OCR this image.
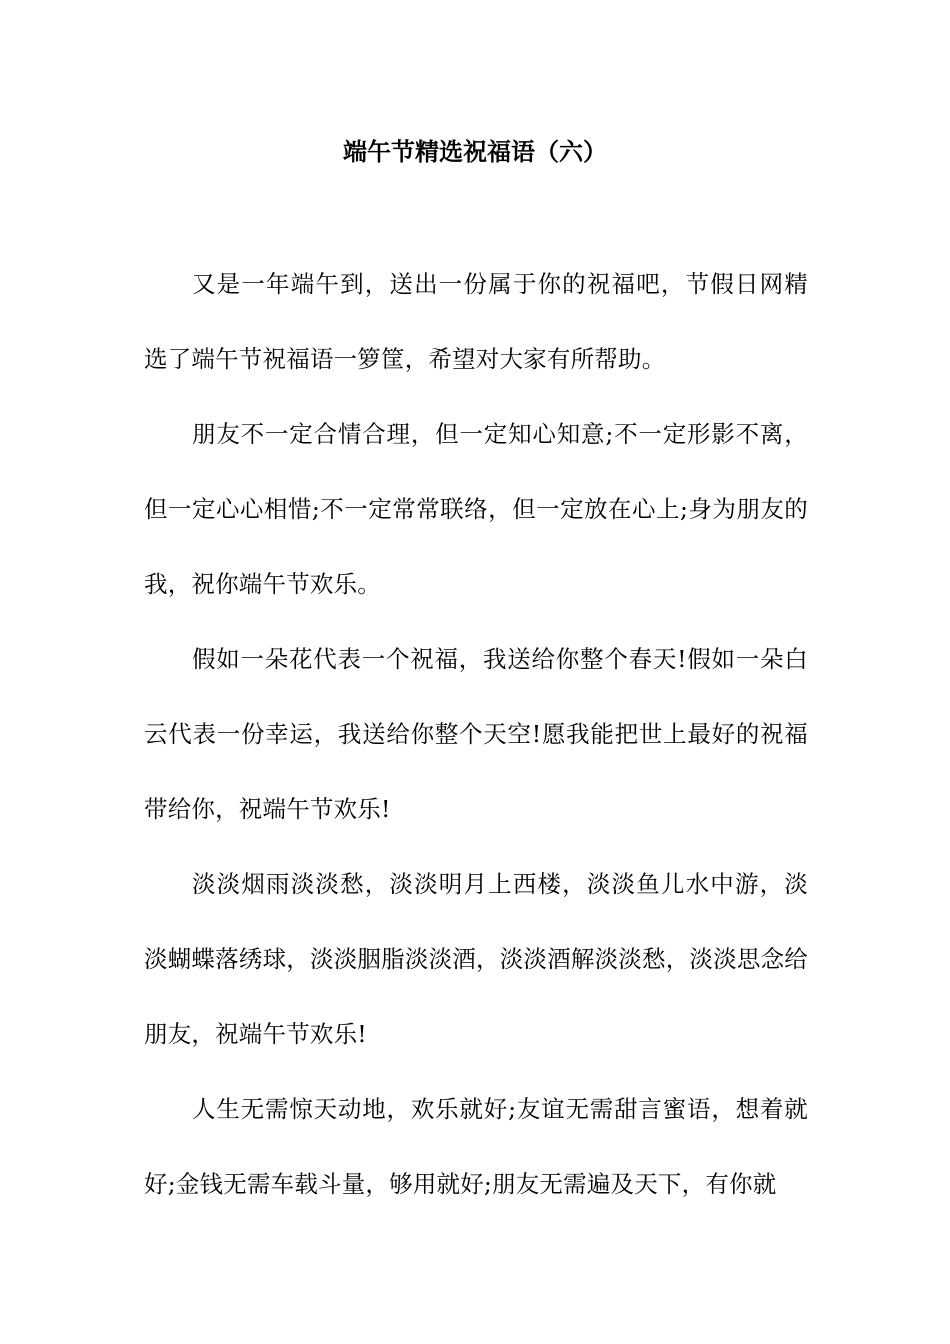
端午节精选祝福语（六）

又是一年端午到，送出一份属于你的祝福吧，节假日网精选了端午节祝福语一箩筐，希望对大家有所帮助。

朋友不一定合情合理，但一定知心知意;不一定形影不离，但一定心心相惜;不一定常常联络，但一定放在心上;身为朋友的我，祝你端午节欢乐。

假如一朵花代表一个祝福，我送给你整个春天!假如一朵白云代表一份幸运，我送给你整个天空!愿我能把世上最好的祝福带给你，祝端午节欢乐!

淡淡烟雨淡淡愁，淡淡明月上西楼，淡淡鱼儿水中游，淡淡蝴蝶落绣球，淡淡胭脂淡淡酒，淡淡酒解淡淡愁，淡淡思念给朋友，祝端午节欢乐!

人生无需惊天动地，欢乐就好;友谊无需甜言蜜语，想着就好;金钱无需车载斗量，够用就好;朋友无需遍及天下，有你就
